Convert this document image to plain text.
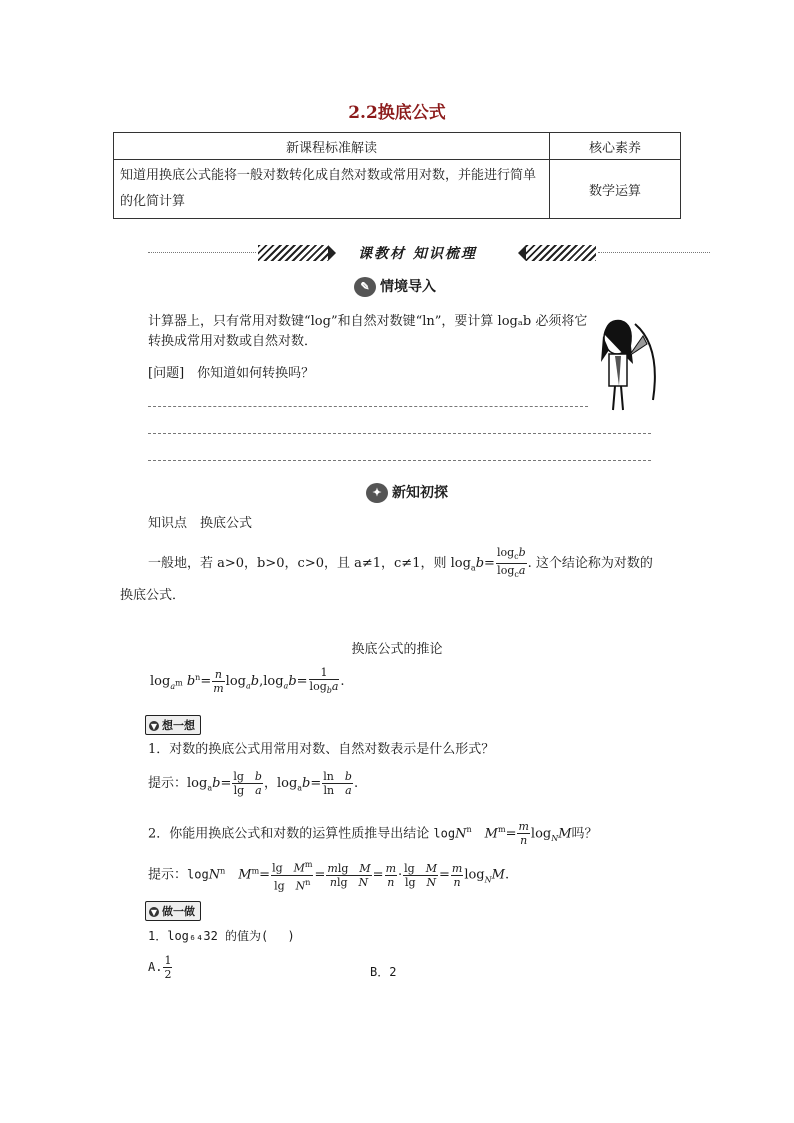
2.2换底公式
新课程标准解读	核心素养
知道用换底公式能将一般对数转化成自然对数或常用对数，并能进行简单的化简计算	数学运算
课教材 知识梳理
✎ 情境导入
计算器上，只有常用对数键“log”和自然对数键“ln”，要计算 logₐb 必须将它转换成常用对数或自然对数．
[问题]　 你知道如何转换吗？
✦ 新知初探
知识点　换底公式
一般地，若 a>0，b>0，c>0，且 a≠1，c≠1，则 $\log_ab= \frac{\log_cb}{\log_ca}$ . 这个结论称为对数的
换底公式．
换底公式的推论
$\log_{a^m} b^n= \frac{n}{m} \log_ab,\log_ab= \frac{1}{\log_ba}$ .
▼ 想一想
1．对数的换底公式用常用对数、自然对数表示是什么形式？
提示：$\log_ab= \frac{\text{lg　b}}{\text{lg　a}}$ ，$\log_ab= \frac{\text{ln　b}}{\text{ln　a}}$ .
2．你能用换底公式和对数的运算性质推导出结论 logN$^n$　 $M^m= \frac{m}{n} \log_NM$吗？
提示：logN$^n$　 $M^m= \frac{\lg M^m}{\lg N^n} = \frac{\text{mlg　M}}{\text{nlg　N}} = \frac{m}{n} \cdot \frac{\text{lg　M}}{\text{lg　N}} = \frac{m}{n} \log_NM$.
▼ 做一做
1．log₆₄32 的值为(　 )
A. $\frac{1}{2}$	B．2
